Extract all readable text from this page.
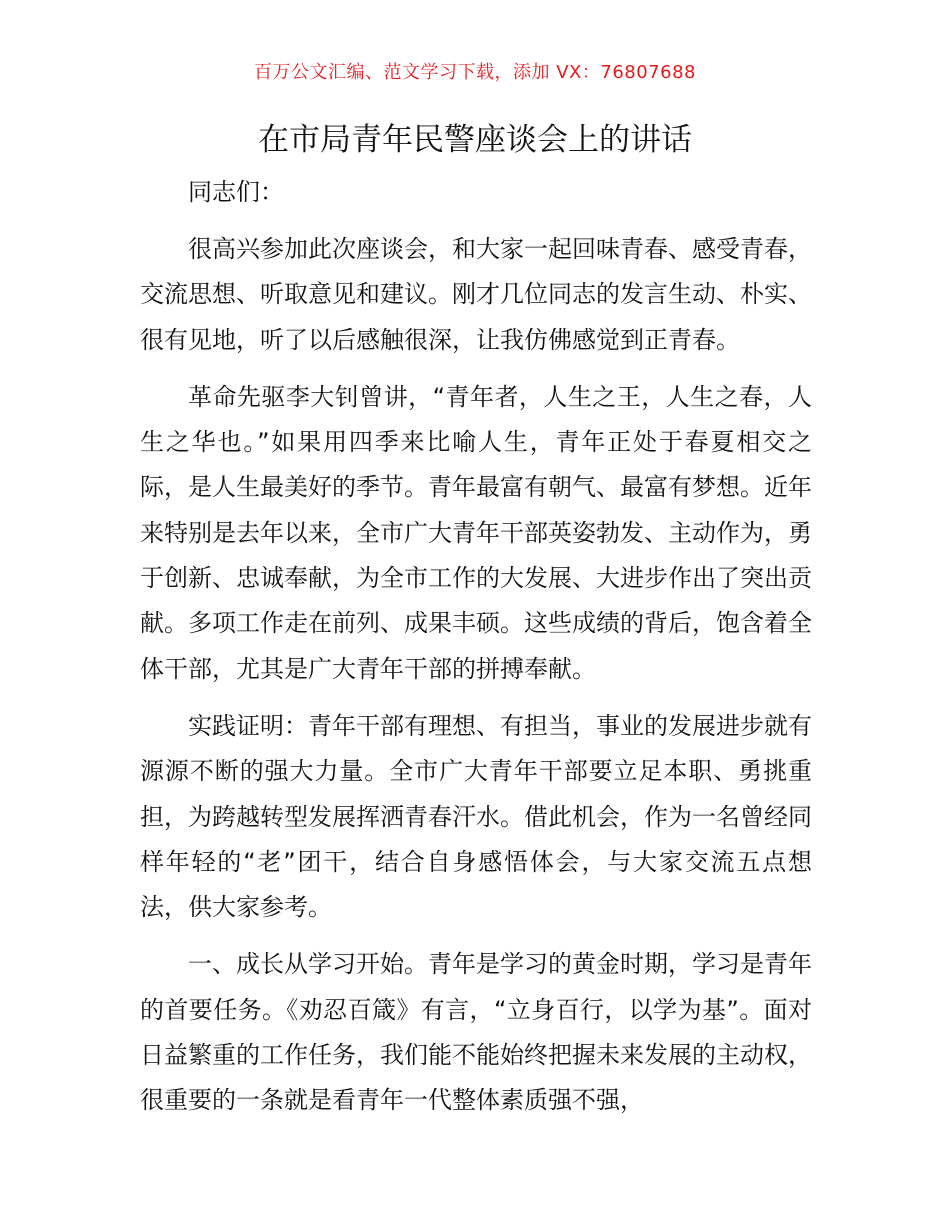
百万公文汇编、范文学习下载，添加 VX：76807688
在市局青年民警座谈会上的讲话

同志们：

很高兴参加此次座谈会，和大家一起回味青春、感受青春，交流思想、听取意见和建议。刚才几位同志的发言生动、朴实、很有见地，听了以后感触很深，让我仿佛感觉到正青春。

革命先驱李大钊曾讲，“青年者，人生之王，人生之春，人生之华也。”如果用四季来比喻人生，青年正处于春夏相交之际，是人生最美好的季节。青年最富有朝气、最富有梦想。近年来特别是去年以来，全市广大青年干部英姿勃发、主动作为，勇于创新、忠诚奉献，为全市工作的大发展、大进步作出了突出贡献。多项工作走在前列、成果丰硕。这些成绩的背后，饱含着全体干部，尤其是广大青年干部的拼搏奉献。

实践证明：青年干部有理想、有担当，事业的发展进步就有源源不断的强大力量。全市广大青年干部要立足本职、勇挑重担，为跨越转型发展挥洒青春汗水。借此机会，作为一名曾经同样年轻的“老”团干，结合自身感悟体会，与大家交流五点想法，供大家参考。

一、成长从学习开始。青年是学习的黄金时期，学习是青年的首要任务。《劝忍百箴》有言，“立身百行，以学为基”。面对日益繁重的工作任务，我们能不能始终把握未来发展的主动权，很重要的一条就是看青年一代整体素质强不强，
